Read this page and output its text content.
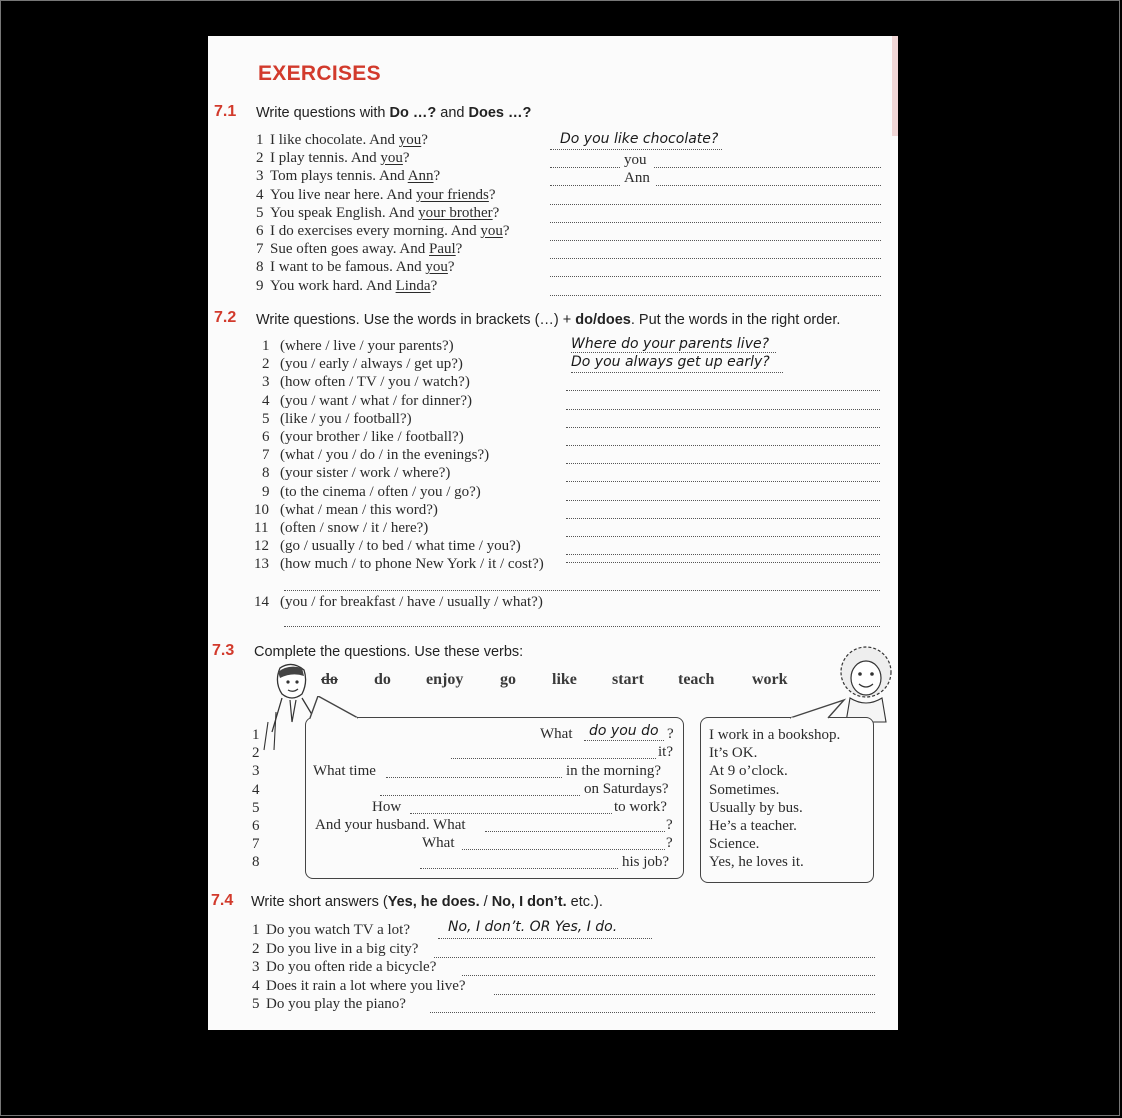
EXERCISES
7.1 Write questions with Do …? and Does …?
1 I like chocolate. And you?
2 I play tennis. And you?
3 Tom plays tennis. And Ann?
4 You live near here. And your friends?
5 You speak English. And your brother?
6 I do exercises every morning. And you?
7 Sue often goes away. And Paul?
8 I want to be famous. And you?
9 You work hard. And Linda?
Do you like chocolate?
you
Ann
7.2 Write questions. Use the words in brackets (…) + do/does. Put the words in the right order.
1 (where / live / your parents?)
2 (you / early / always / get up?)
3 (how often / TV / you / watch?)
4 (you / want / what / for dinner?)
5 (like / you / football?)
6 (your brother / like / football?)
7 (what / you / do / in the evenings?)
8 (your sister / work / where?)
9 (to the cinema / often / you / go?)
10 (what / mean / this word?)
11 (often / snow / it / here?)
12 (go / usually / to bed / what time / you?)
13 (how much / to phone New York / it / cost?)
14 (you / for breakfast / have / usually / what?)
Where do your parents live?
Do you always get up early?
7.3 Complete the questions. Use these verbs:
do do enjoy go like start teach work
1
2
3
4
5
6
7
8
What do you do ?
it?
What time	in the morning?
on Saturdays?
How	to work?
And your husband. What	?
What	?
his job?
I work in a bookshop.
It’s OK.
At 9 o’clock.
Sometimes.
Usually by bus.
He’s a teacher.
Science.
Yes, he loves it.
7.4 Write short answers (Yes, he does. / No, I don’t. etc.).
1 Do you watch TV a lot?
2 Do you live in a big city?
3 Do you often ride a bicycle?
4 Does it rain a lot where you live?
5 Do you play the piano?
No, I don’t. OR Yes, I do.
